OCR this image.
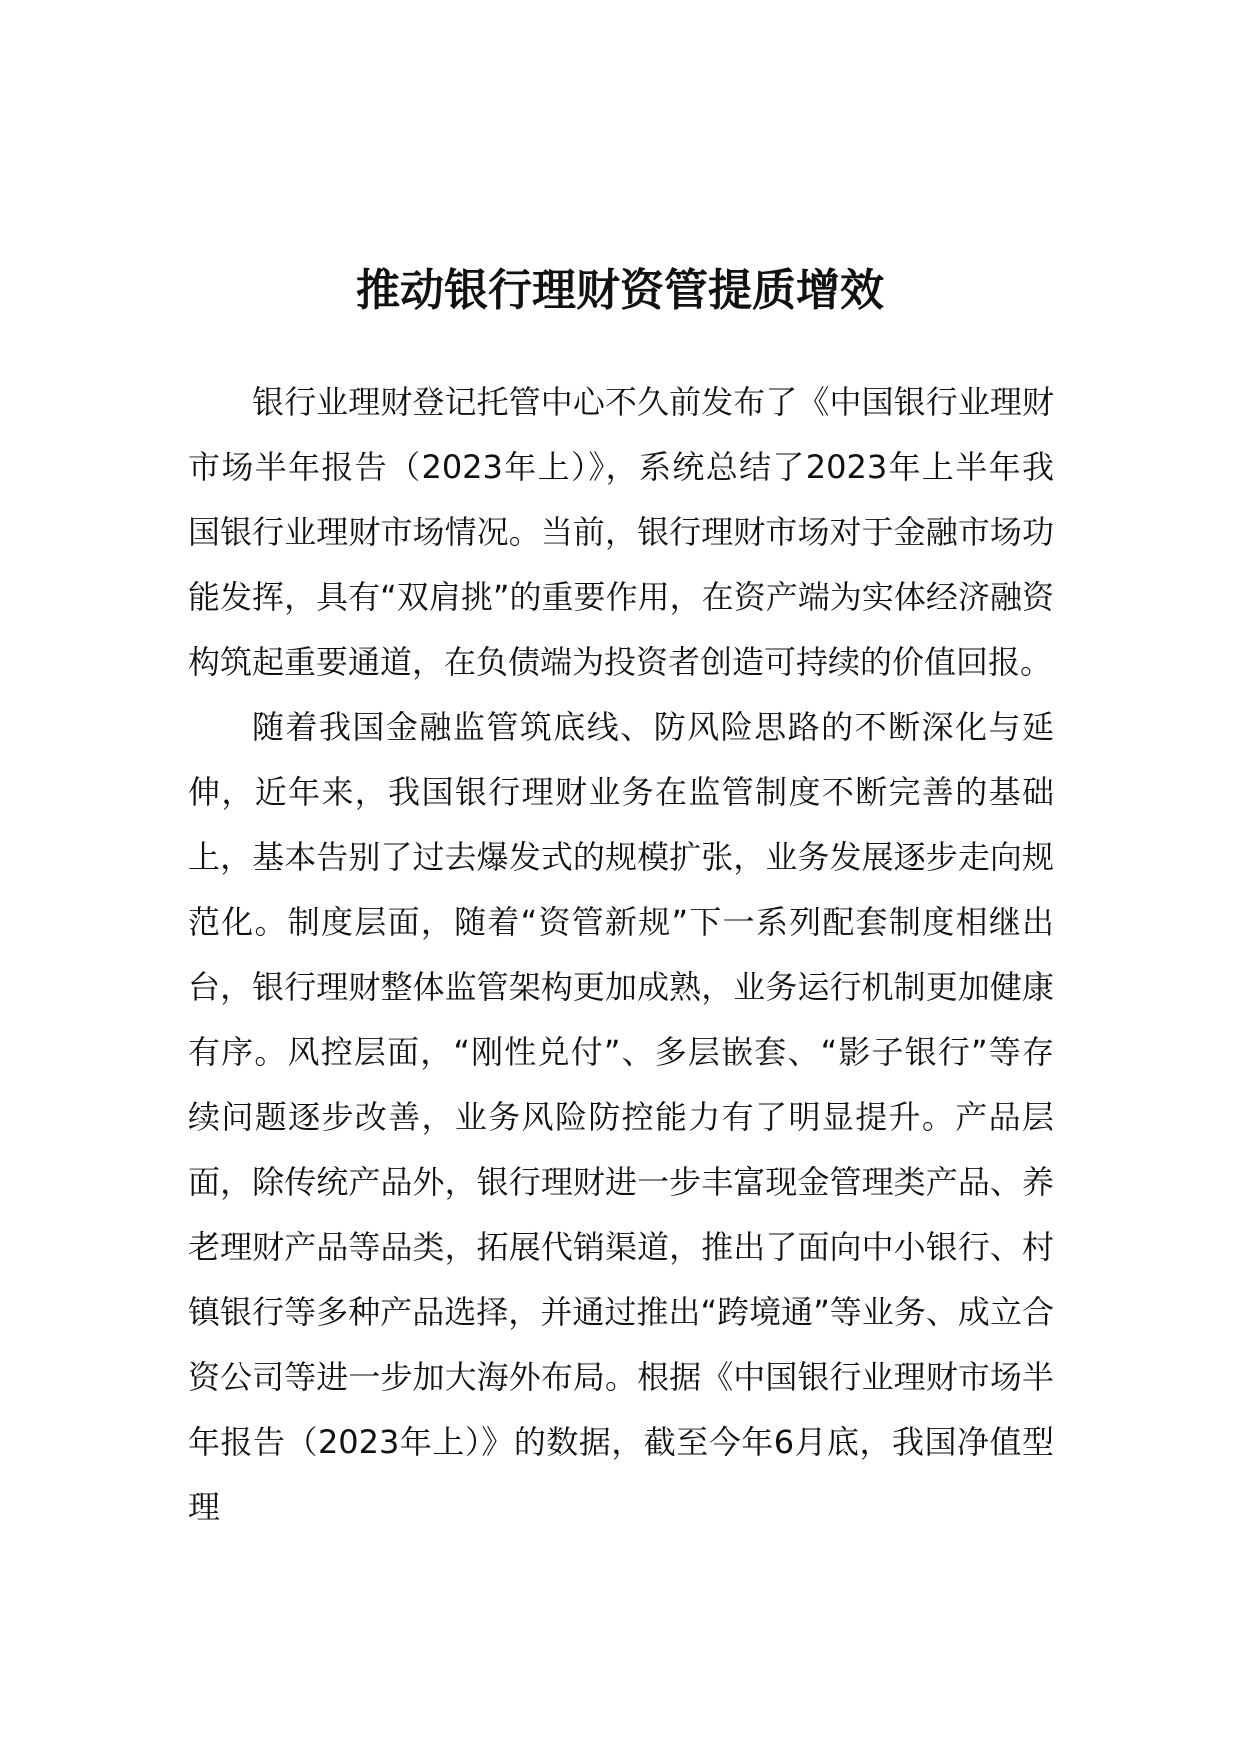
推动银行理财资管提质增效

银行业理财登记托管中心不久前发布了《中国银行业理财市场半年报告（2023年上）》，系统总结了2023年上半年我国银行业理财市场情况。当前，银行理财市场对于金融市场功能发挥，具有“双肩挑”的重要作用，在资产端为实体经济融资构筑起重要通道，在负债端为投资者创造可持续的价值回报。

随着我国金融监管筑底线、防风险思路的不断深化与延伸，近年来，我国银行理财业务在监管制度不断完善的基础上，基本告别了过去爆发式的规模扩张，业务发展逐步走向规范化。制度层面，随着“资管新规”下一系列配套制度相继出台，银行理财整体监管架构更加成熟，业务运行机制更加健康有序。风控层面，“刚性兑付”、多层嵌套、“影子银行”等存续问题逐步改善，业务风险防控能力有了明显提升。产品层面，除传统产品外，银行理财进一步丰富现金管理类产品、养老理财产品等品类，拓展代销渠道，推出了面向中小银行、村镇银行等多种产品选择，并通过推出“跨境通”等业务、成立合资公司等进一步加大海外布局。根据《中国银行业理财市场半年报告（2023年上）》的数据，截至今年6月底，我国净值型理
